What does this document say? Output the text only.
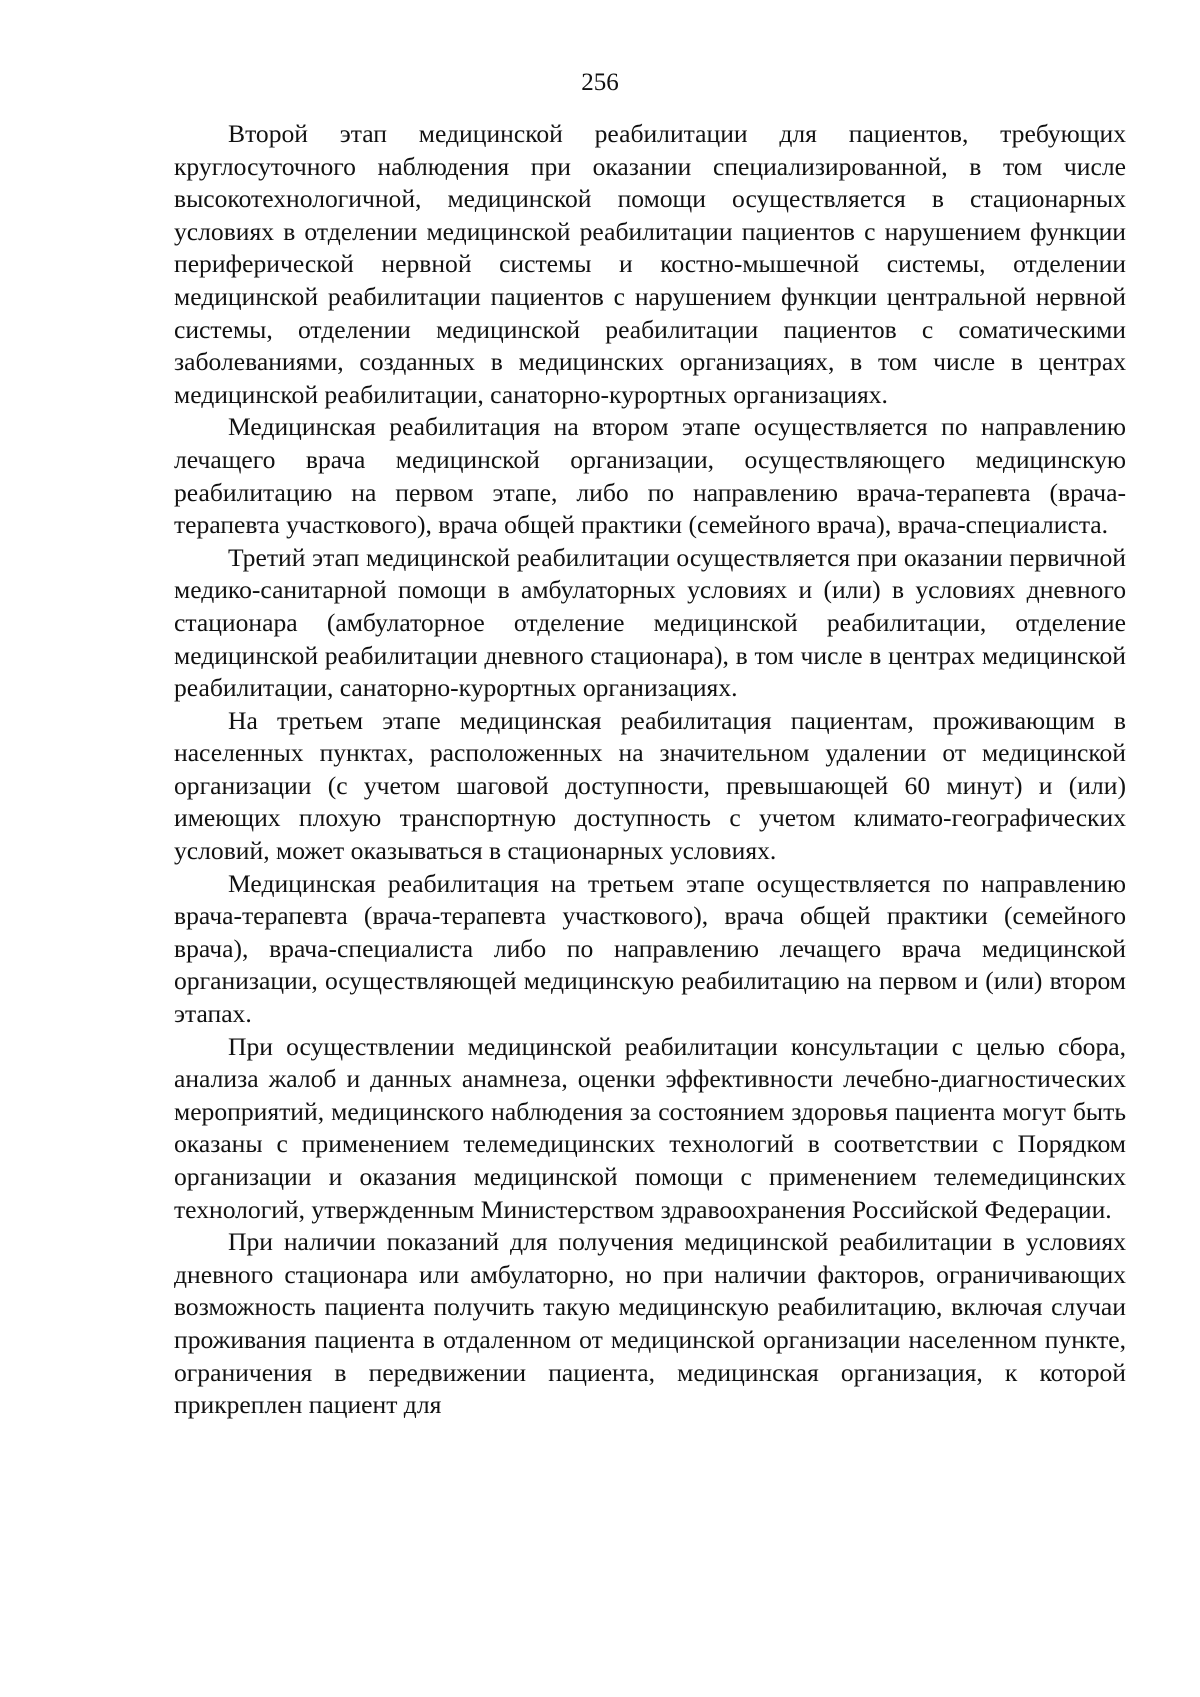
256

Второй этап медицинской реабилитации для пациентов, требующих круглосуточного наблюдения при оказании специализированной, в том числе высокотехнологичной, медицинской помощи осуществляется в стационарных условиях в отделении медицинской реабилитации пациентов с нарушением функции периферической нервной системы и костно-мышечной системы, отделении медицинской реабилитации пациентов с нарушением функции центральной нервной системы, отделении медицинской реабилитации пациентов с соматическими заболеваниями, созданных в медицинских организациях, в том числе в центрах медицинской реабилитации, санаторно-курортных организациях.

Медицинская реабилитация на втором этапе осуществляется по направлению лечащего врача медицинской организации, осуществляющего медицинскую реабилитацию на первом этапе, либо по направлению врача-терапевта (врача-терапевта участкового), врача общей практики (семейного врача), врача-специалиста.

Третий этап медицинской реабилитации осуществляется при оказании первичной медико-санитарной помощи в амбулаторных условиях и (или) в условиях дневного стационара (амбулаторное отделение медицинской реабилитации, отделение медицинской реабилитации дневного стационара), в том числе в центрах медицинской реабилитации, санаторно-курортных организациях.

На третьем этапе медицинская реабилитация пациентам, проживающим в населенных пунктах, расположенных на значительном удалении от медицинской организации (с учетом шаговой доступности, превышающей 60 минут) и (или) имеющих плохую транспортную доступность с учетом климато-географических условий, может оказываться в стационарных условиях.

Медицинская реабилитация на третьем этапе осуществляется по направлению врача-терапевта (врача-терапевта участкового), врача общей практики (семейного врача), врача-специалиста либо по направлению лечащего врача медицинской организации, осуществляющей медицинскую реабилитацию на первом и (или) втором этапах.

При осуществлении медицинской реабилитации консультации с целью сбора, анализа жалоб и данных анамнеза, оценки эффективности лечебно-диагностических мероприятий, медицинского наблюдения за состоянием здоровья пациента могут быть оказаны с применением телемедицинских технологий в соответствии с Порядком организации и оказания медицинской помощи с применением телемедицинских технологий, утвержденным Министерством здравоохранения Российской Федерации.

При наличии показаний для получения медицинской реабилитации в условиях дневного стационара или амбулаторно, но при наличии факторов, ограничивающих возможность пациента получить такую медицинскую реабилитацию, включая случаи проживания пациента в отдаленном от медицинской организации населенном пункте, ограничения в передвижении пациента, медицинская организация, к которой прикреплен пациент для
